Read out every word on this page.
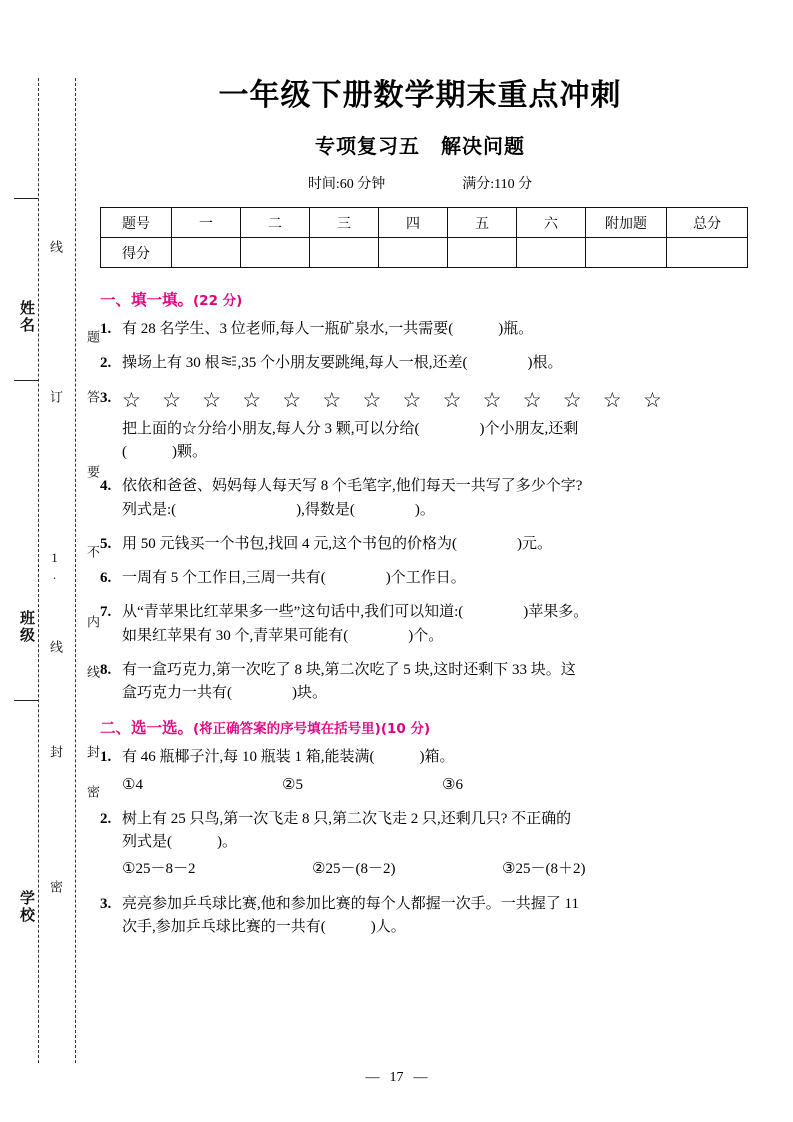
姓名
班级
学校
线
订
1.
线
封
密
题
答
要
不
内
线
封
密
一年级下册数学期末重点冲刺
专项复习五　解决问题
时间:60 分钟	满分:110 分
题号	一	二	三	四	五	六	附加题	总分
得分								
一、填一填。(22 分)
1. 有 28 名学生、3 位老师,每人一瓶矿泉水,一共需要(　　　)瓶。
2. 操场上有 30 根 ,35 个小朋友要跳绳,每人一根,还差(　　　　)根。
3. ☆ ☆ ☆ ☆ ☆ ☆ ☆ ☆ ☆ ☆ ☆ ☆ ☆ ☆
把上面的☆分给小朋友,每人分 3 颗,可以分给(　　　　)个小朋友,还剩
(　　　)颗。
4. 依依和爸爸、妈妈每人每天写 8 个毛笔字,他们每天一共写了多少个字?
列式是:(　　　　　　　　),得数是(　　　　)。
5. 用 50 元钱买一个书包,找回 4 元,这个书包的价格为(　　　　)元。
6. 一周有 5 个工作日,三周一共有(　　　　)个工作日。
7. 从“青苹果比红苹果多一些”这句话中,我们可以知道:(　　　　)苹果多。
如果红苹果有 30 个,青苹果可能有(　　　　)个。
8. 有一盒巧克力,第一次吃了 8 块,第二次吃了 5 块,这时还剩下 33 块。这
盒巧克力一共有(　　　　)块。
二、选一选。(将正确答案的序号填在括号里)(10 分)
1. 有 46 瓶椰子汁,每 10 瓶装 1 箱,能装满(　　　)箱。
①4	②5	③6
2. 树上有 25 只鸟,第一次飞走 8 只,第二次飞走 2 只,还剩几只? 不正确的
列式是(　　　)。
①25－8－2	②25－(8－2)	③25－(8＋2)
3. 亮亮参加乒乓球比赛,他和参加比赛的每个人都握一次手。一共握了 11
次手,参加乒乓球比赛的一共有(　　　)人。
— 17 —
